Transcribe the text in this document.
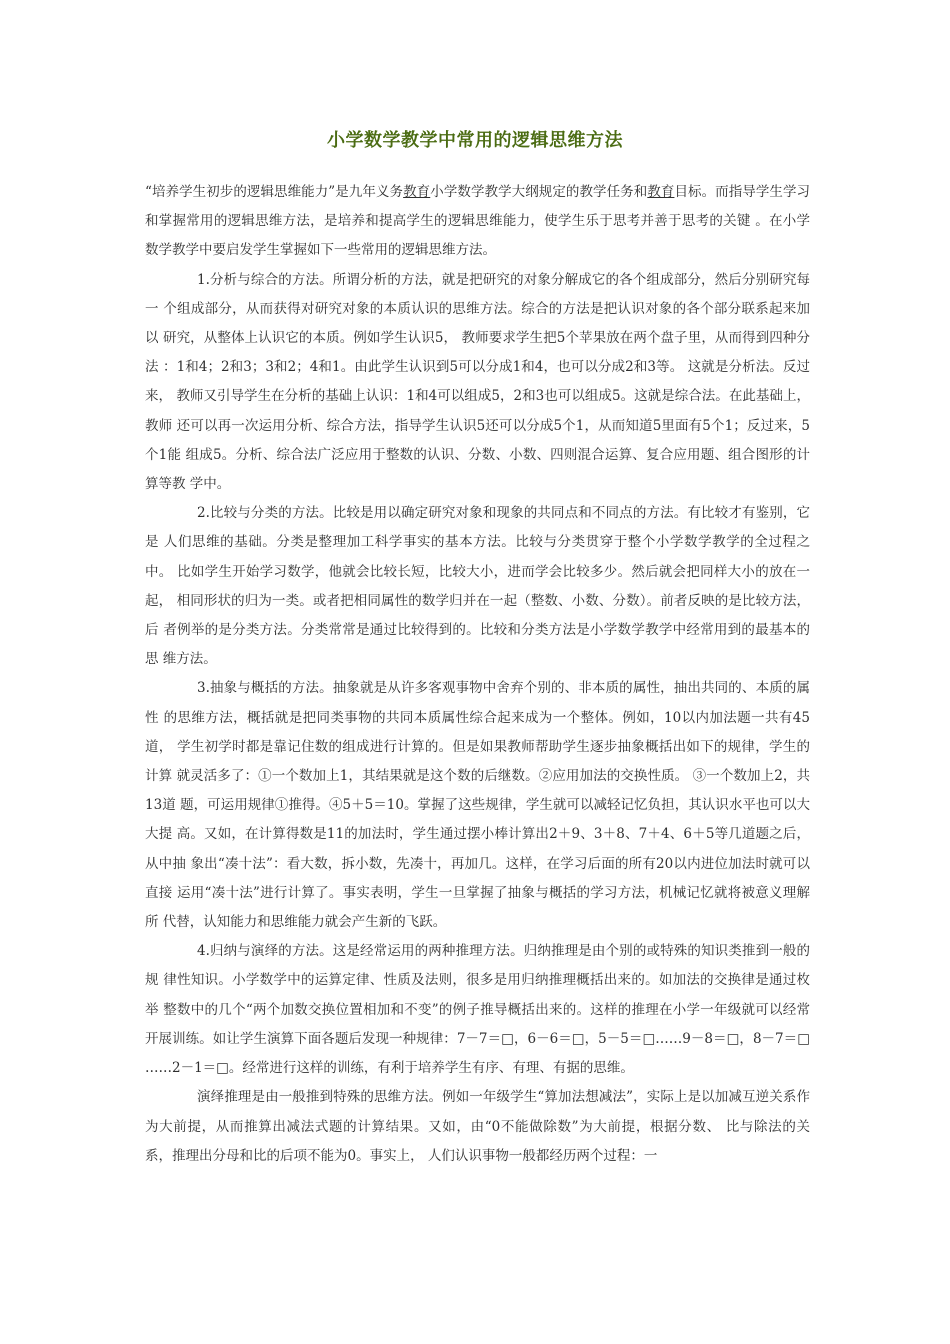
小学数学教学中常用的逻辑思维方法

“培养学生初步的逻辑思维能力”是九年义务教育小学数学教学大纲规定的教学任务和教育目标。而指导学生学习和掌握常用的逻辑思维方法，是培养和提高学生的逻辑思维能力，使学生乐于思考并善于思考的关键 。在小学数学教学中要启发学生掌握如下一些常用的逻辑思维方法。

1.分析与综合的方法。所谓分析的方法，就是把研究的对象分解成它的各个组成部分，然后分别研究每一 个组成部分，从而获得对研究对象的本质认识的思维方法。综合的方法是把认识对象的各个部分联系起来加以 研究，从整体上认识它的本质。例如学生认识5， 教师要求学生把5个苹果放在两个盘子里，从而得到四种分法 ：1和4；2和3；3和2；4和1。由此学生认识到5可以分成1和4，也可以分成2和3等。 这就是分析法。反过来， 教师又引导学生在分析的基础上认识：1和4可以组成5，2和3也可以组成5。这就是综合法。在此基础上， 教师 还可以再一次运用分析、综合方法，指导学生认识5还可以分成5个1，从而知道5里面有5个1；反过来，5个1能 组成5。分析、综合法广泛应用于整数的认识、分数、小数、四则混合运算、复合应用题、组合图形的计算等教 学中。

2.比较与分类的方法。比较是用以确定研究对象和现象的共同点和不同点的方法。有比较才有鉴别，它是 人们思维的基础。分类是整理加工科学事实的基本方法。比较与分类贯穿于整个小学数学教学的全过程之中。 比如学生开始学习数学，他就会比较长短，比较大小，进而学会比较多少。然后就会把同样大小的放在一起， 相同形状的归为一类。或者把相同属性的数学归并在一起（整数、小数、分数）。前者反映的是比较方法，后 者例举的是分类方法。分类常常是通过比较得到的。比较和分类方法是小学数学教学中经常用到的最基本的思 维方法。

3.抽象与概括的方法。抽象就是从许多客观事物中舍弃个别的、非本质的属性，抽出共同的、本质的属性 的思维方法，概括就是把同类事物的共同本质属性综合起来成为一个整体。例如，10以内加法题一共有45道， 学生初学时都是靠记住数的组成进行计算的。但是如果教师帮助学生逐步抽象概括出如下的规律，学生的计算 就灵活多了：①一个数加上1，其结果就是这个数的后继数。②应用加法的交换性质。 ③一个数加上2，共13道 题，可运用规律①推得。④5＋5＝10。掌握了这些规律，学生就可以减轻记忆负担，其认识水平也可以大大提 高。又如，在计算得数是11的加法时，学生通过摆小棒计算出2＋9、3＋8、7＋4、6＋5等几道题之后，从中抽 象出“凑十法”：看大数，拆小数，先凑十，再加几。这样，在学习后面的所有20以内进位加法时就可以直接 运用“凑十法”进行计算了。事实表明，学生一旦掌握了抽象与概括的学习方法，机械记忆就将被意义理解所 代替，认知能力和思维能力就会产生新的飞跃。

4.归纳与演绎的方法。这是经常运用的两种推理方法。归纳推理是由个别的或特殊的知识类推到一般的规 律性知识。小学数学中的运算定律、性质及法则，很多是用归纳推理概括出来的。如加法的交换律是通过枚举 整数中的几个“两个加数交换位置相加和不变”的例子推导概括出来的。这样的推理在小学一年级就可以经常 开展训练。如让学生演算下面各题后发现一种规律：7－7＝□，6－6＝□，5－5＝□……9－8＝□，8－7＝□ ……2－1＝□。经常进行这样的训练，有利于培养学生有序、有理、有据的思维。

演绎推理是由一般推到特殊的思维方法。例如一年级学生“算加法想减法”，实际上是以加减互逆关系作 为大前提，从而推算出减法式题的计算结果。又如，由“0不能做除数”为大前提，根据分数、 比与除法的关 系，推理出分母和比的后项不能为0。事实上， 人们认识事物一般都经历两个过程：一
